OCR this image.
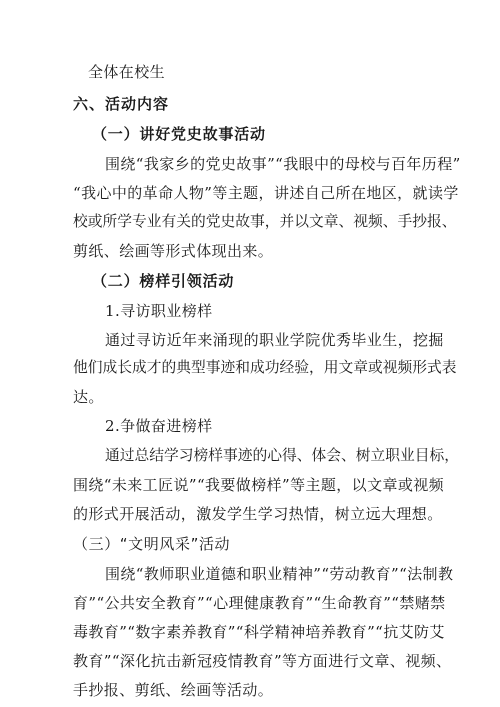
全体在校生
六、活动内容
（一）讲好党史故事活动
围绕“我家乡的党史故事”“我眼中的母校与百年历程”
“我心中的革命人物”等主题，讲述自己所在地区，就读学
校或所学专业有关的党史故事，并以文章、视频、手抄报、
剪纸、绘画等形式体现出来。
（二）榜样引领活动
1.寻访职业榜样
通过寻访近年来涌现的职业学院优秀毕业生，挖掘
他们成长成才的典型事迹和成功经验，用文章或视频形式表
达。
2.争做奋进榜样
通过总结学习榜样事迹的心得、体会、树立职业目标，
围绕“未来工匠说”“我要做榜样”等主题，以文章或视频
的形式开展活动，激发学生学习热情，树立远大理想。
（三）“文明风采”活动
围绕“教师职业道德和职业精神”“劳动教育”“法制教
育”“公共安全教育”“心理健康教育”“生命教育”“禁赌禁
毒教育”“数字素养教育”“科学精神培养教育”“抗艾防艾
教育”“深化抗击新冠疫情教育”等方面进行文章、视频、
手抄报、剪纸、绘画等活动。
